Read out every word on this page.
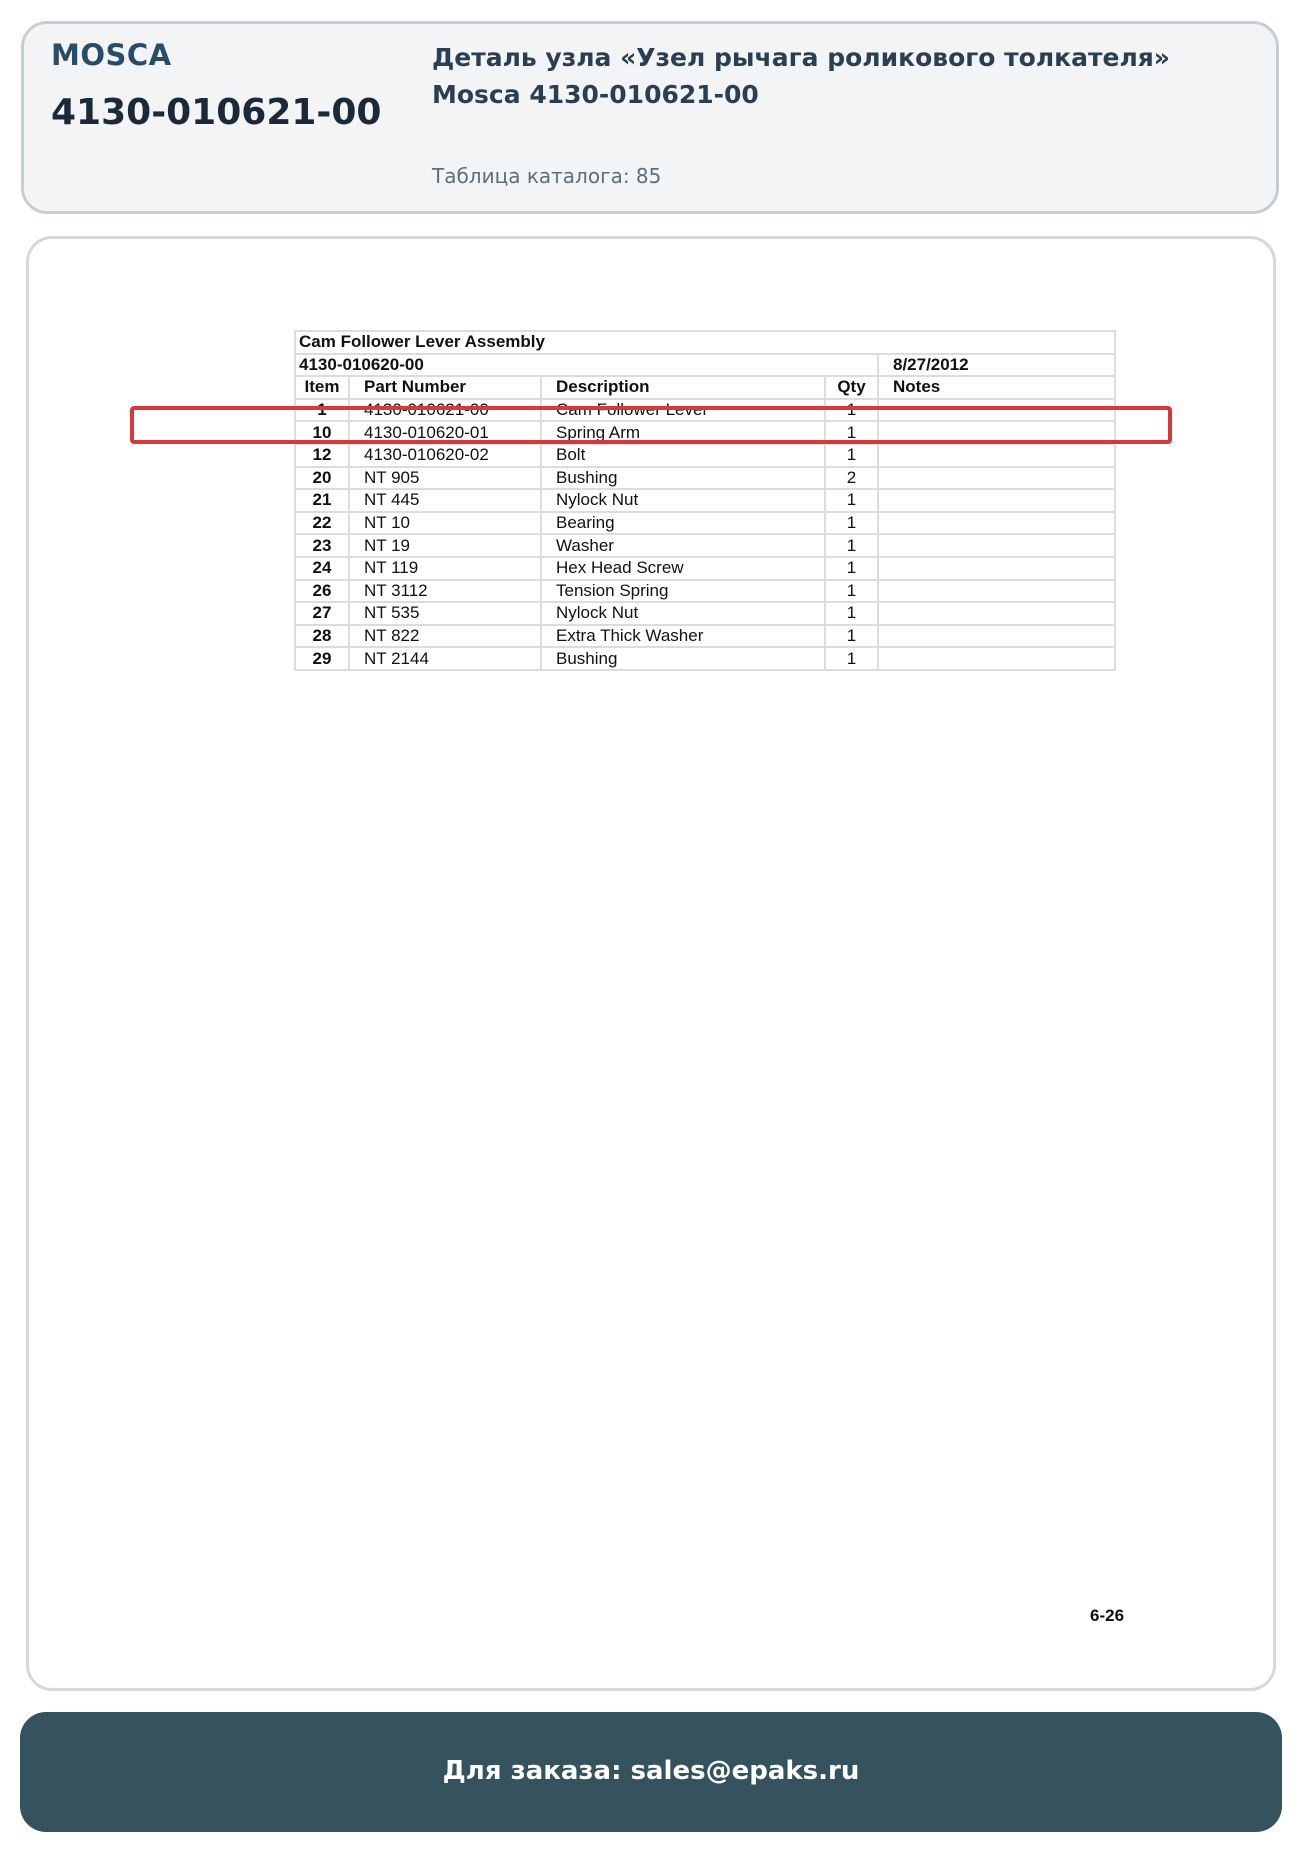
MOSCA
4130-010621-00
Деталь узла «Узел рычага роликового толкателя»
Mosca 4130-010621-00
Таблица каталога: 85
Cam Follower Lever Assembly				
4130-010620-00				8/27/2012
Item	Part Number	Description	Qty	Notes
1	4130-010621-00	Cam Follower Lever	1	
10	4130-010620-01	Spring Arm	1	
12	4130-010620-02	Bolt	1	
20	NT 905	Bushing	2	
21	NT 445	Nylock Nut	1	
22	NT 10	Bearing	1	
23	NT 19	Washer	1	
24	NT 119	Hex Head Screw	1	
26	NT 3112	Tension Spring	1	
27	NT 535	Nylock Nut	1	
28	NT 822	Extra Thick Washer	1	
29	NT 2144	Bushing	1	
6-26
Для заказа: sales@epaks.ru
